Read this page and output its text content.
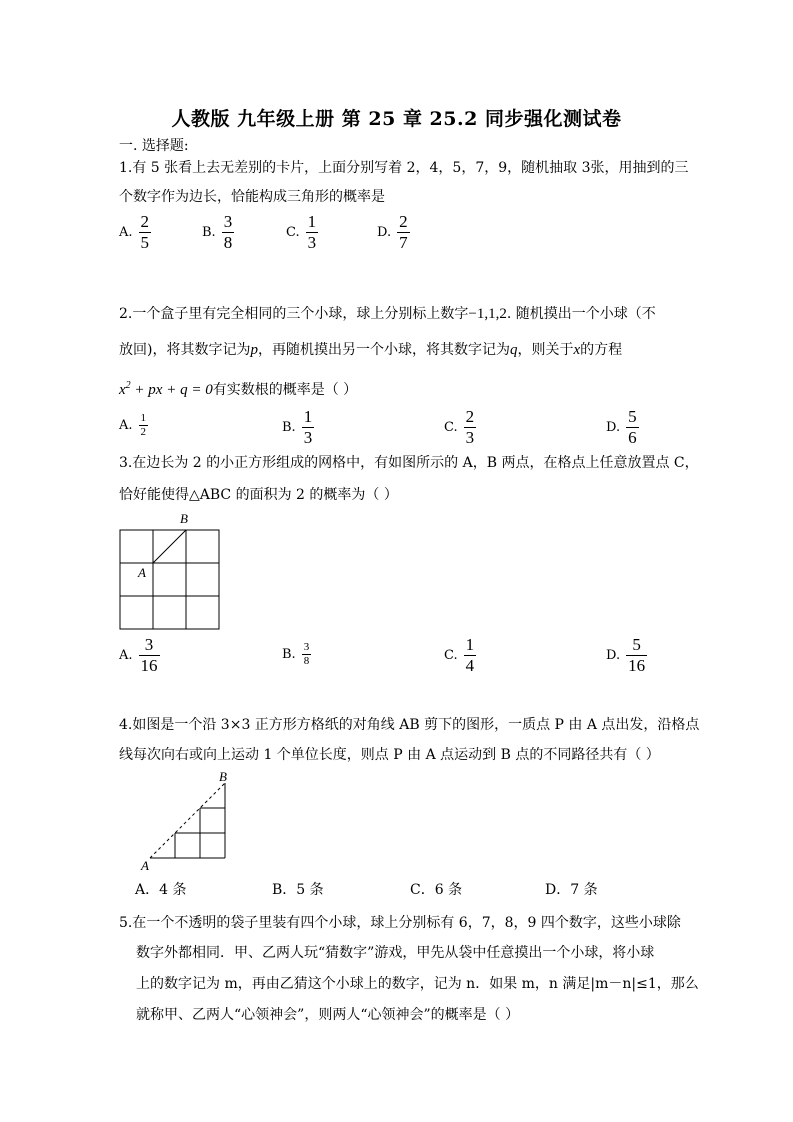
人教版 九年级上册 第 25 章 25.2 同步强化测试卷
一. 选择题:
1.有 5 张看上去无差别的卡片，上面分别写着 2，4，5，7，9，随机抽取 3张，用抽到的三
个数字作为边长，恰能构成三角形的概率是
A. $\frac{2}{5}$	B. $\frac{3}{8}$	C. $\frac{1}{3}$	D. $\frac{2}{7}$
2.一个盒子里有完全相同的三个小球，球上分别标上数字−1,1,2. 随机摸出一个小球（不
放回)，将其数字记为p，再随机摸出另一个小球，将其数字记为q，则关于x的方程
$x^2$ + px + q = 0有实数根的概率是（ ）
A. $\frac{1}{2}$	B. $\frac{1}{3}$	C. $\frac{2}{3}$	D. $\frac{5}{6}$
3.在边长为 2 的小正方形组成的网格中，有如图所示的 A，B 两点，在格点上任意放置点 C，
恰好能使得△ABC 的面积为 2 的概率为（ ）
B
A
A. $\frac{3}{16}$	B. $\frac{3}{8}$	C. $\frac{1}{4}$	D. $\frac{5}{16}$
4.如图是一个沿 3×3 正方形方格纸的对角线 AB 剪下的图形，一质点 P 由 A 点出发，沿格点
线每次向右或向上运动 1 个单位长度，则点 P 由 A 点运动到 B 点的不同路径共有（ ）
B
A
A．4 条	B．5 条	C．6 条	D．7 条
5.在一个不透明的袋子里装有四个小球，球上分别标有 6，7，8，9 四个数字，这些小球除
数字外都相同．甲、乙两人玩“猜数字”游戏，甲先从袋中任意摸出一个小球，将小球
上的数字记为 m，再由乙猜这个小球上的数字，记为 n．如果 m，n 满足|m－n|≤1，那么
就称甲、乙两人“心领神会”，则两人“心领神会”的概率是（ ）
